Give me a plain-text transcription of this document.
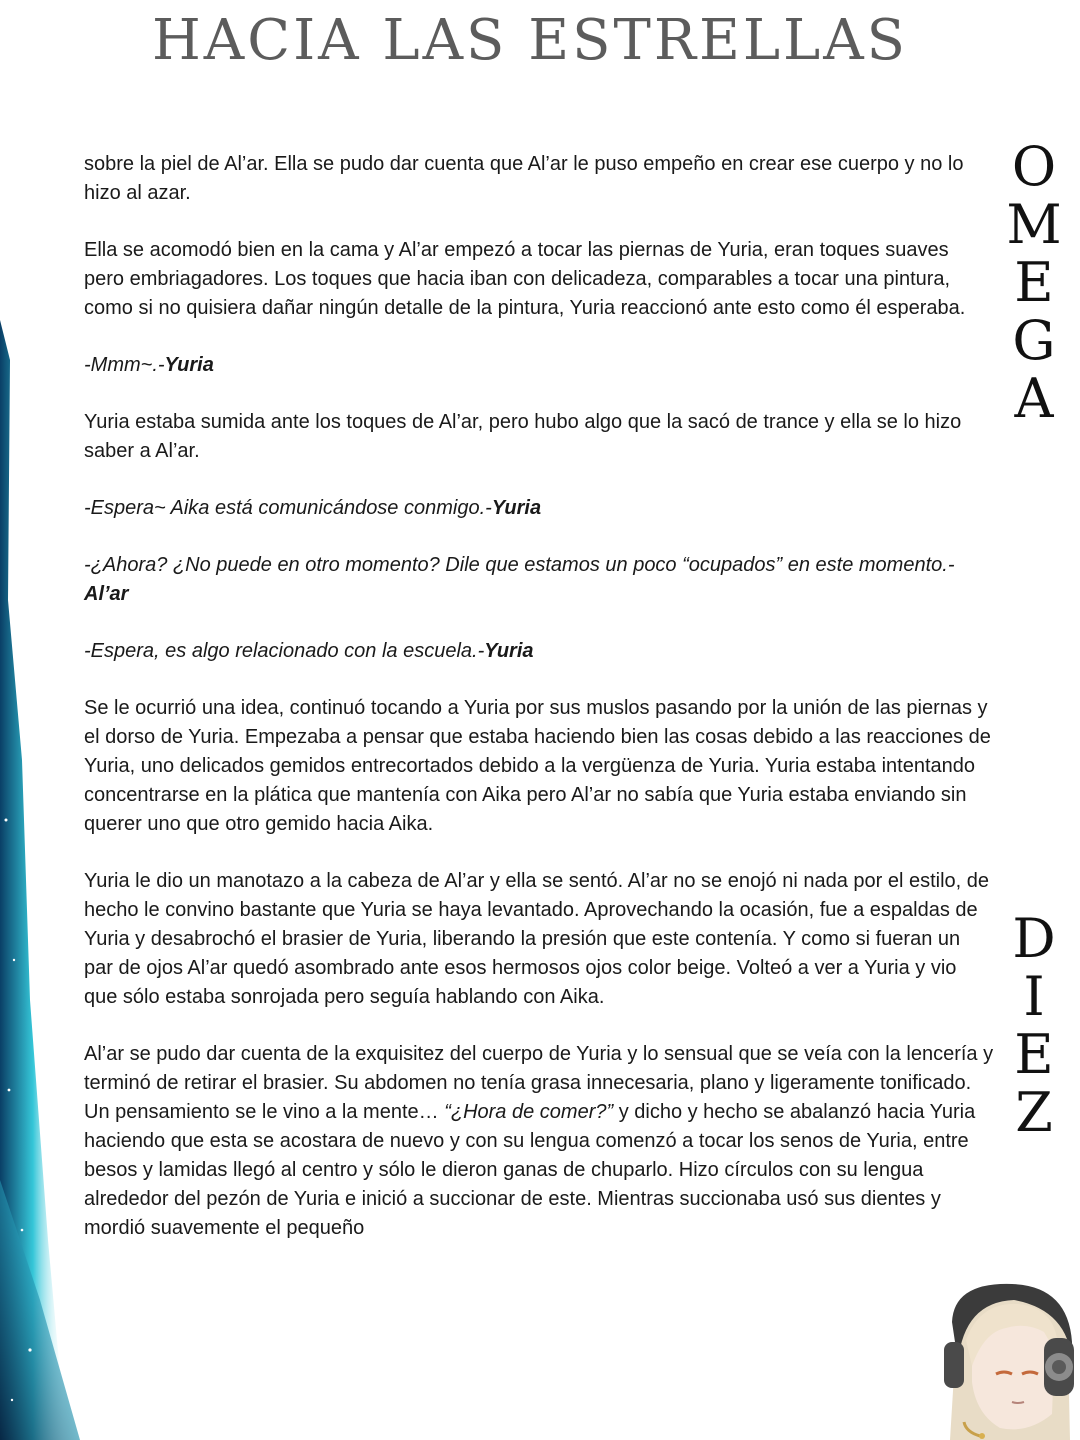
HACIA LAS ESTRELLAS
O
M
E
G
A
D
I
E
Z

sobre la piel de Al’ar. Ella se pudo dar cuenta que Al’ar le puso empeño en crear ese cuerpo y no lo hizo al azar.

Ella se acomodó bien en la cama y Al’ar empezó a tocar las piernas de Yuria, eran toques suaves pero embriagadores. Los toques que hacia iban con delicadeza, comparables a tocar una pintura, como si no quisiera dañar ningún detalle de la pintura, Yuria reaccionó ante esto como él esperaba.

-Mmm~.-Yuria

Yuria estaba sumida ante los toques de Al’ar, pero hubo algo que la sacó de trance y ella se lo hizo saber a Al’ar.

-Espera~ Aika está comunicándose conmigo.-Yuria

-¿Ahora? ¿No puede en otro momento? Dile que estamos un poco “ocupados” en este momento.-Al’ar

-Espera, es algo relacionado con la escuela.-Yuria

Se le ocurrió una idea, continuó tocando a Yuria por sus muslos pasando por la unión de las piernas y el dorso de Yuria. Empezaba a pensar que estaba haciendo bien las cosas debido a las reacciones de Yuria, uno delicados gemidos entrecortados debido a la vergüenza de Yuria. Yuria estaba intentando concentrarse en la plática que mantenía con Aika pero Al’ar no sabía que Yuria estaba enviando sin querer uno que otro gemido hacia Aika.

Yuria le dio un manotazo a la cabeza de Al’ar y ella se sentó. Al’ar no se enojó ni nada por el estilo, de hecho le convino bastante que Yuria se haya levantado. Aprovechando la ocasión, fue a espaldas de Yuria y desabrochó el brasier de Yuria, liberando la presión que este contenía. Y como si fueran un par de ojos Al’ar quedó asombrado ante esos hermosos ojos color beige. Volteó a ver a Yuria y vio que sólo estaba sonrojada pero seguía hablando con Aika.

Al’ar se pudo dar cuenta de la exquisitez del cuerpo de Yuria y lo sensual que se veía con la lencería y terminó de retirar el brasier. Su abdomen no tenía grasa innecesaria, plano y ligeramente tonificado. Un pensamiento se le vino a la mente… “¿Hora de comer?” y dicho y hecho se abalanzó hacia Yuria haciendo que esta se acostara de nuevo y con su lengua comenzó a tocar los senos de Yuria, entre besos y lamidas llegó al centro y sólo le dieron ganas de chuparlo. Hizo círculos con su lengua alrededor del pezón de Yuria e inició a succionar de este. Mientras succionaba usó sus dientes y mordió suavemente el pequeño
